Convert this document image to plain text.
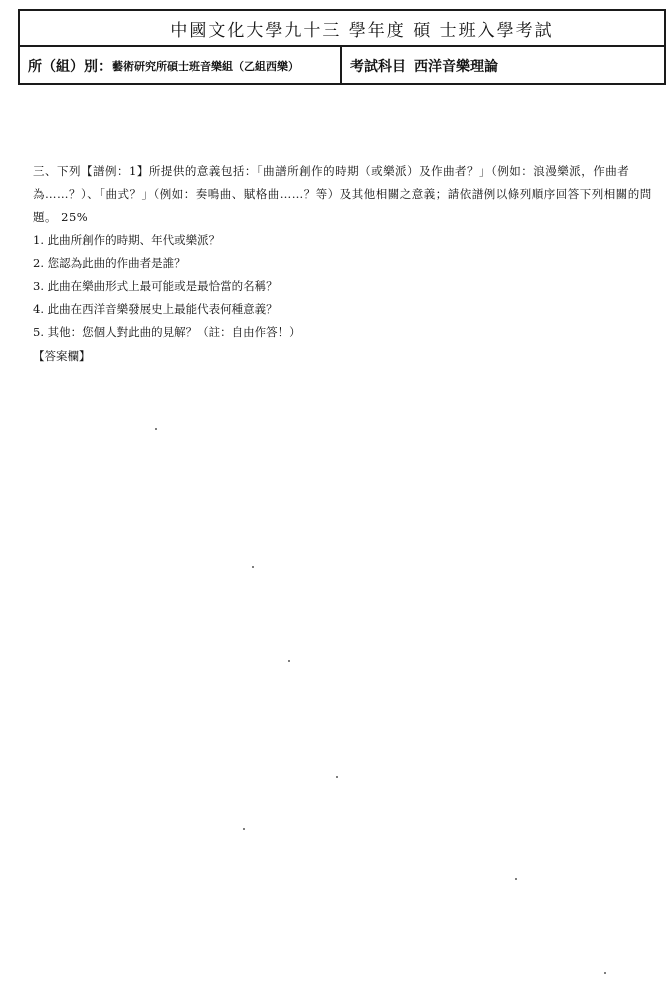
中國文化大學九十三 學年度 碩 士班入學考試
所（組）別： 藝術研究所碩士班音樂組（乙組西樂）	考試科目 西洋音樂理論
三、下列【譜例：1】所提供的意義包括：「曲譜所創作的時期（或樂派）及作曲者？」（例如：浪漫樂派，作曲者為……？）、「曲式？」（例如：奏鳴曲、賦格曲……？等）及其他相關之意義；請依譜例以條列順序回答下列相關的問題。 25%
1. 此曲所創作的時期、年代或樂派？
2. 您認為此曲的作曲者是誰？
3. 此曲在樂曲形式上最可能或是最恰當的名稱？
4. 此曲在西洋音樂發展史上最能代表何種意義？
5. 其他：您個人對此曲的見解？（註：自由作答！）
【答案欄】
